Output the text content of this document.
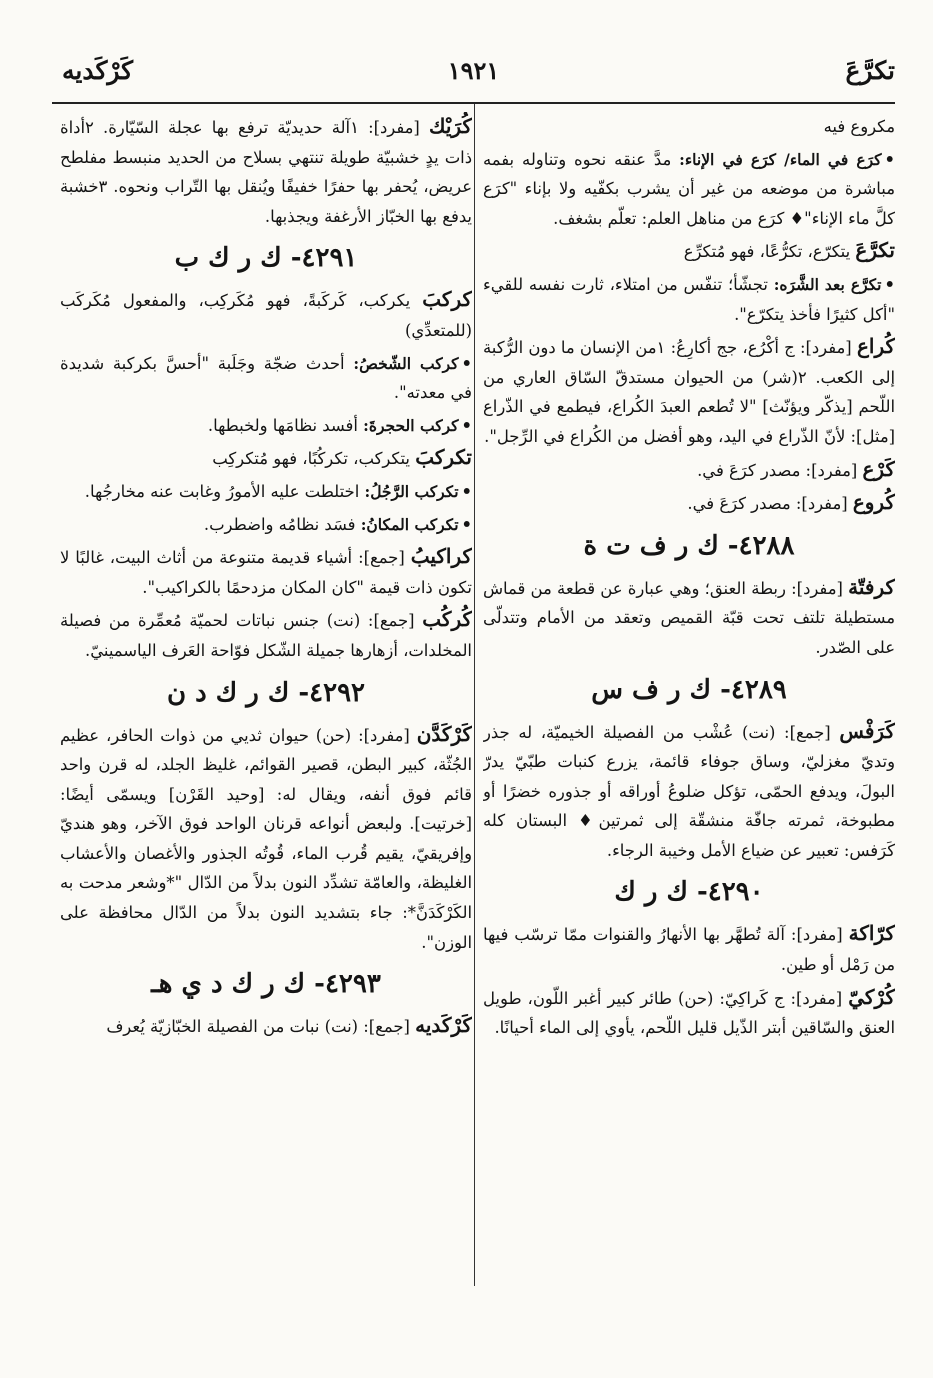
تكرَّعَ
١٩٢١
كَرْكَديه

مكروع فيه

•كرَع في الماء/ كرَع في الإناء: مدَّ عنقه نحوه وتناوله بفمه مباشرة من موضعه من غير أن يشرب بكفّيه ولا بإناء "كرَع كلَّ ماء الإناء"♦ كرَع من مناهل العلم: تعلّم بشغف.

تكرَّعَ يتكرّع، تكرُّعًا، فهو مُتكرِّع

•تكرَّع بعد الشَّرَه: تجشّأ؛ تنفّس من امتلاء، ثارت نفسه للقيء "أكل كثيرًا فأخذ يتكرّع".

كُراع [مفرد]: ج أكْرُع، جج أكارِعُ: ١من الإنسان ما دون الرُّكبة إلى الكعب. ٢(شر) من الحيوان مستدقّ السّاق العاري من اللّحم [يذكّر ويؤنّث] "لا تُطعم العبدَ الكُراع، فيطمع في الذّراع [مثل]: لأنّ الذّراع في اليد، وهو أفضل من الكُراع في الرِّجل".

كَرْع [مفرد]: مصدر كرَعَ في.

كُروع [مفرد]: مصدر كرَعَ في.

٤٢٨٨- ك ر ف ت ة

كرفتّة [مفرد]: ربطة العنق؛ وهي عبارة عن قطعة من قماش مستطيلة تلتف تحت قبّة القميص وتعقد من الأمام وتتدلّى على الصّدر.

٤٢٨٩- ك ر ف س

كَرَفْس [جمع]: (نت) عُشْب من الفصيلة الخيميّة، له جذر وتديّ مغزليّ، وساق جوفاء قائمة، يزرع كنبات طبّيّ يدرّ البولَ، ويدفع الحمّى، تؤكل ضلوعُ أوراقه أو جذوره خضرًا أو مطبوخة، ثمرته جافّة منشقّة إلى ثمرتين♦ البستان كله كَرَفس: تعبير عن ضياع الأمل وخيبة الرجاء.

٤٢٩٠- ك ر ك

كرّاكة [مفرد]: آلة تُطهَّر بها الأنهارُ والقنوات ممّا ترسّب فيها من رَمْل أو طين.

كُرْكيّ [مفرد]: ج كَراكِيّ: (حن) طائر كبير أغبر اللّون، طويل العنق والسّاقين أبتر الذّيل قليل اللّحم، يأوي إلى الماء أحيانًا.

كُرَيْك [مفرد]: ١آلة حديديّة ترفع بها عجلة السّيّارة. ٢أداة ذات يدٍ خشبيّة طويلة تنتهي بسلاح من الحديد منبسط مفلطح عريض، يُحفر بها حفرًا خفيفًا ويُنقل بها التّراب ونحوه. ٣خشبة يدفع بها الخبّاز الأرغفة ويجذبها.

٤٢٩١- ك ر ك ب

كركبَ يكركب، كَركَبةً، فهو مُكَركِب، والمفعول مُكَركَب (للمتعدِّي)

•كركب الشّخصُ: أحدث ضجّة وجَلَبة "أحسَّ بكركبة شديدة في معدته".

•كركب الحجرةَ: أفسد نظامَها ولخبطها.

تكركبَ يتكركب، تكركُبًا، فهو مُتكركِب

•تكركب الرَّجُلُ: اختلطت عليه الأمورُ وغابت عنه مخارجُها.

•تكركب المكانُ: فسَد نظامُه واضطرب.

كراكيبُ [جمع]: أشياء قديمة متنوعة من أثاث البيت، غالبًا لا تكون ذات قيمة "كان المكان مزدحمًا بالكراكيب".

كُركُب [جمع]: (نت) جنس نباتات لحميّة مُعمِّرة من فصيلة المخلدات، أزهارها جميلة الشّكل فوّاحة العَرف الياسمينيّ.

٤٢٩٢- ك ر ك د ن

كَرْكَدَّن [مفرد]: (حن) حيوان ثديي من ذوات الحافر، عظيم الجُثّة، كبير البطن، قصير القوائم، غليظ الجلد، له قرن واحد قائم فوق أنفه، ويقال له: [وحيد القَرْن] ويسمّى أيضًا: [خرتيت]. ولبعض أنواعه قرنان الواحد فوق الآخر، وهو هنديّ وإفريقيّ، يقيم قُرب الماء، قُوتُه الجذور والأغصان والأعشاب الغليظة، والعامّة تشدِّد النون بدلاً من الدّال "*وشعر مدحت به الكَرْكَدَنَّ*: جاء بتشديد النون بدلاً من الدّال محافظة على الوزن".

٤٢٩٣- ك ر ك د ي هـ

كَرْكَديه [جمع]: (نت) نبات من الفصيلة الخبّازيّة يُعرف
